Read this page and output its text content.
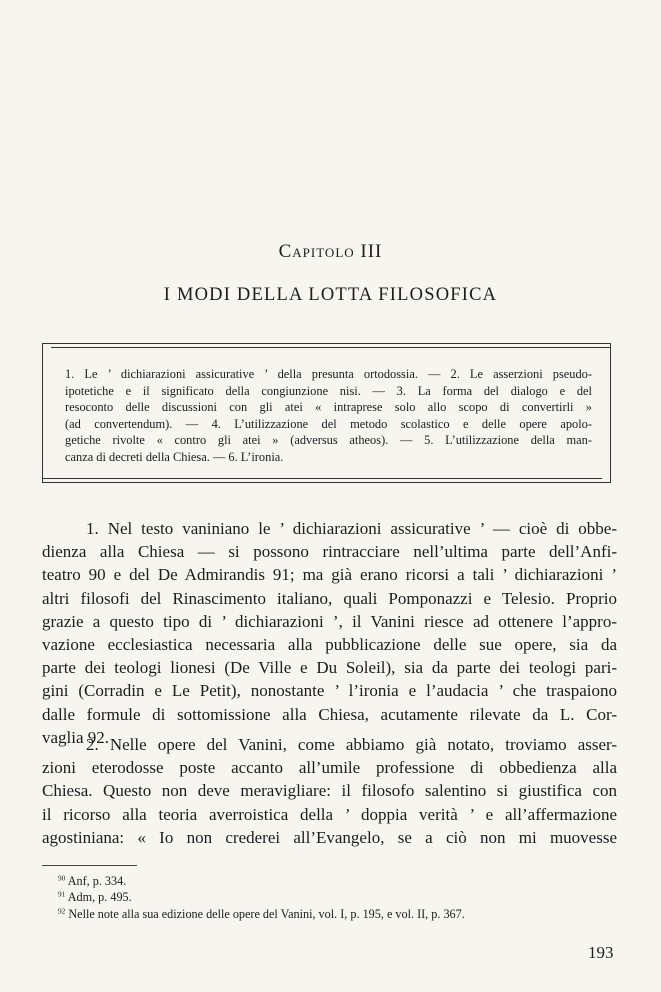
Capitolo III
I MODI DELLA LOTTA FILOSOFICA
1. Le ’ dichiarazioni assicurative ’ della presunta ortodossia. — 2. Le asserzioni pseudo-
ipotetiche e il significato della congiunzione nisi. — 3. La forma del dialogo e del
resoconto delle discussioni con gli atei « intraprese solo allo scopo di convertirli »
(ad convertendum). — 4. L’utilizzazione del metodo scolastico e delle opere apolo-
getiche rivolte « contro gli atei » (adversus atheos). — 5. L’utilizzazione della man-
canza di decreti della Chiesa. — 6. L’ironia.
1. Nel testo vaniniano le ’ dichiarazioni assicurative ’ — cioè di obbe-
dienza alla Chiesa — si possono rintracciare nell’ultima parte dell’Anfi-
teatro 90 e del De Admirandis 91; ma già erano ricorsi a tali ’ dichiarazioni ’
altri filosofi del Rinascimento italiano, quali Pomponazzi e Telesio. Proprio
grazie a questo tipo di ’ dichiarazioni ’, il Vanini riesce ad ottenere l’appro-
vazione ecclesiastica necessaria alla pubblicazione delle sue opere, sia da
parte dei teologi lionesi (De Ville e Du Soleil), sia da parte dei teologi pari-
gini (Corradin e Le Petit), nonostante ’ l’ironia e l’audacia ’ che traspaiono
dalle formule di sottomissione alla Chiesa, acutamente rilevate da L. Cor-
vaglia 92.
2. Nelle opere del Vanini, come abbiamo già notato, troviamo asser-
zioni eterodosse poste accanto all’umile professione di obbedienza alla
Chiesa. Questo non deve meravigliare: il filosofo salentino si giustifica con
il ricorso alla teoria averroistica della ’ doppia verità ’ e all’affermazione
agostiniana: « Io non crederei all’Evangelo, se a ciò non mi muovesse
$^{90}$ Anf, p. 334.
$^{91}$ Adm, p. 495.
$^{92}$ Nelle note alla sua edizione delle opere del Vanini, vol. I, p. 195, e vol. II, p. 367.
193
